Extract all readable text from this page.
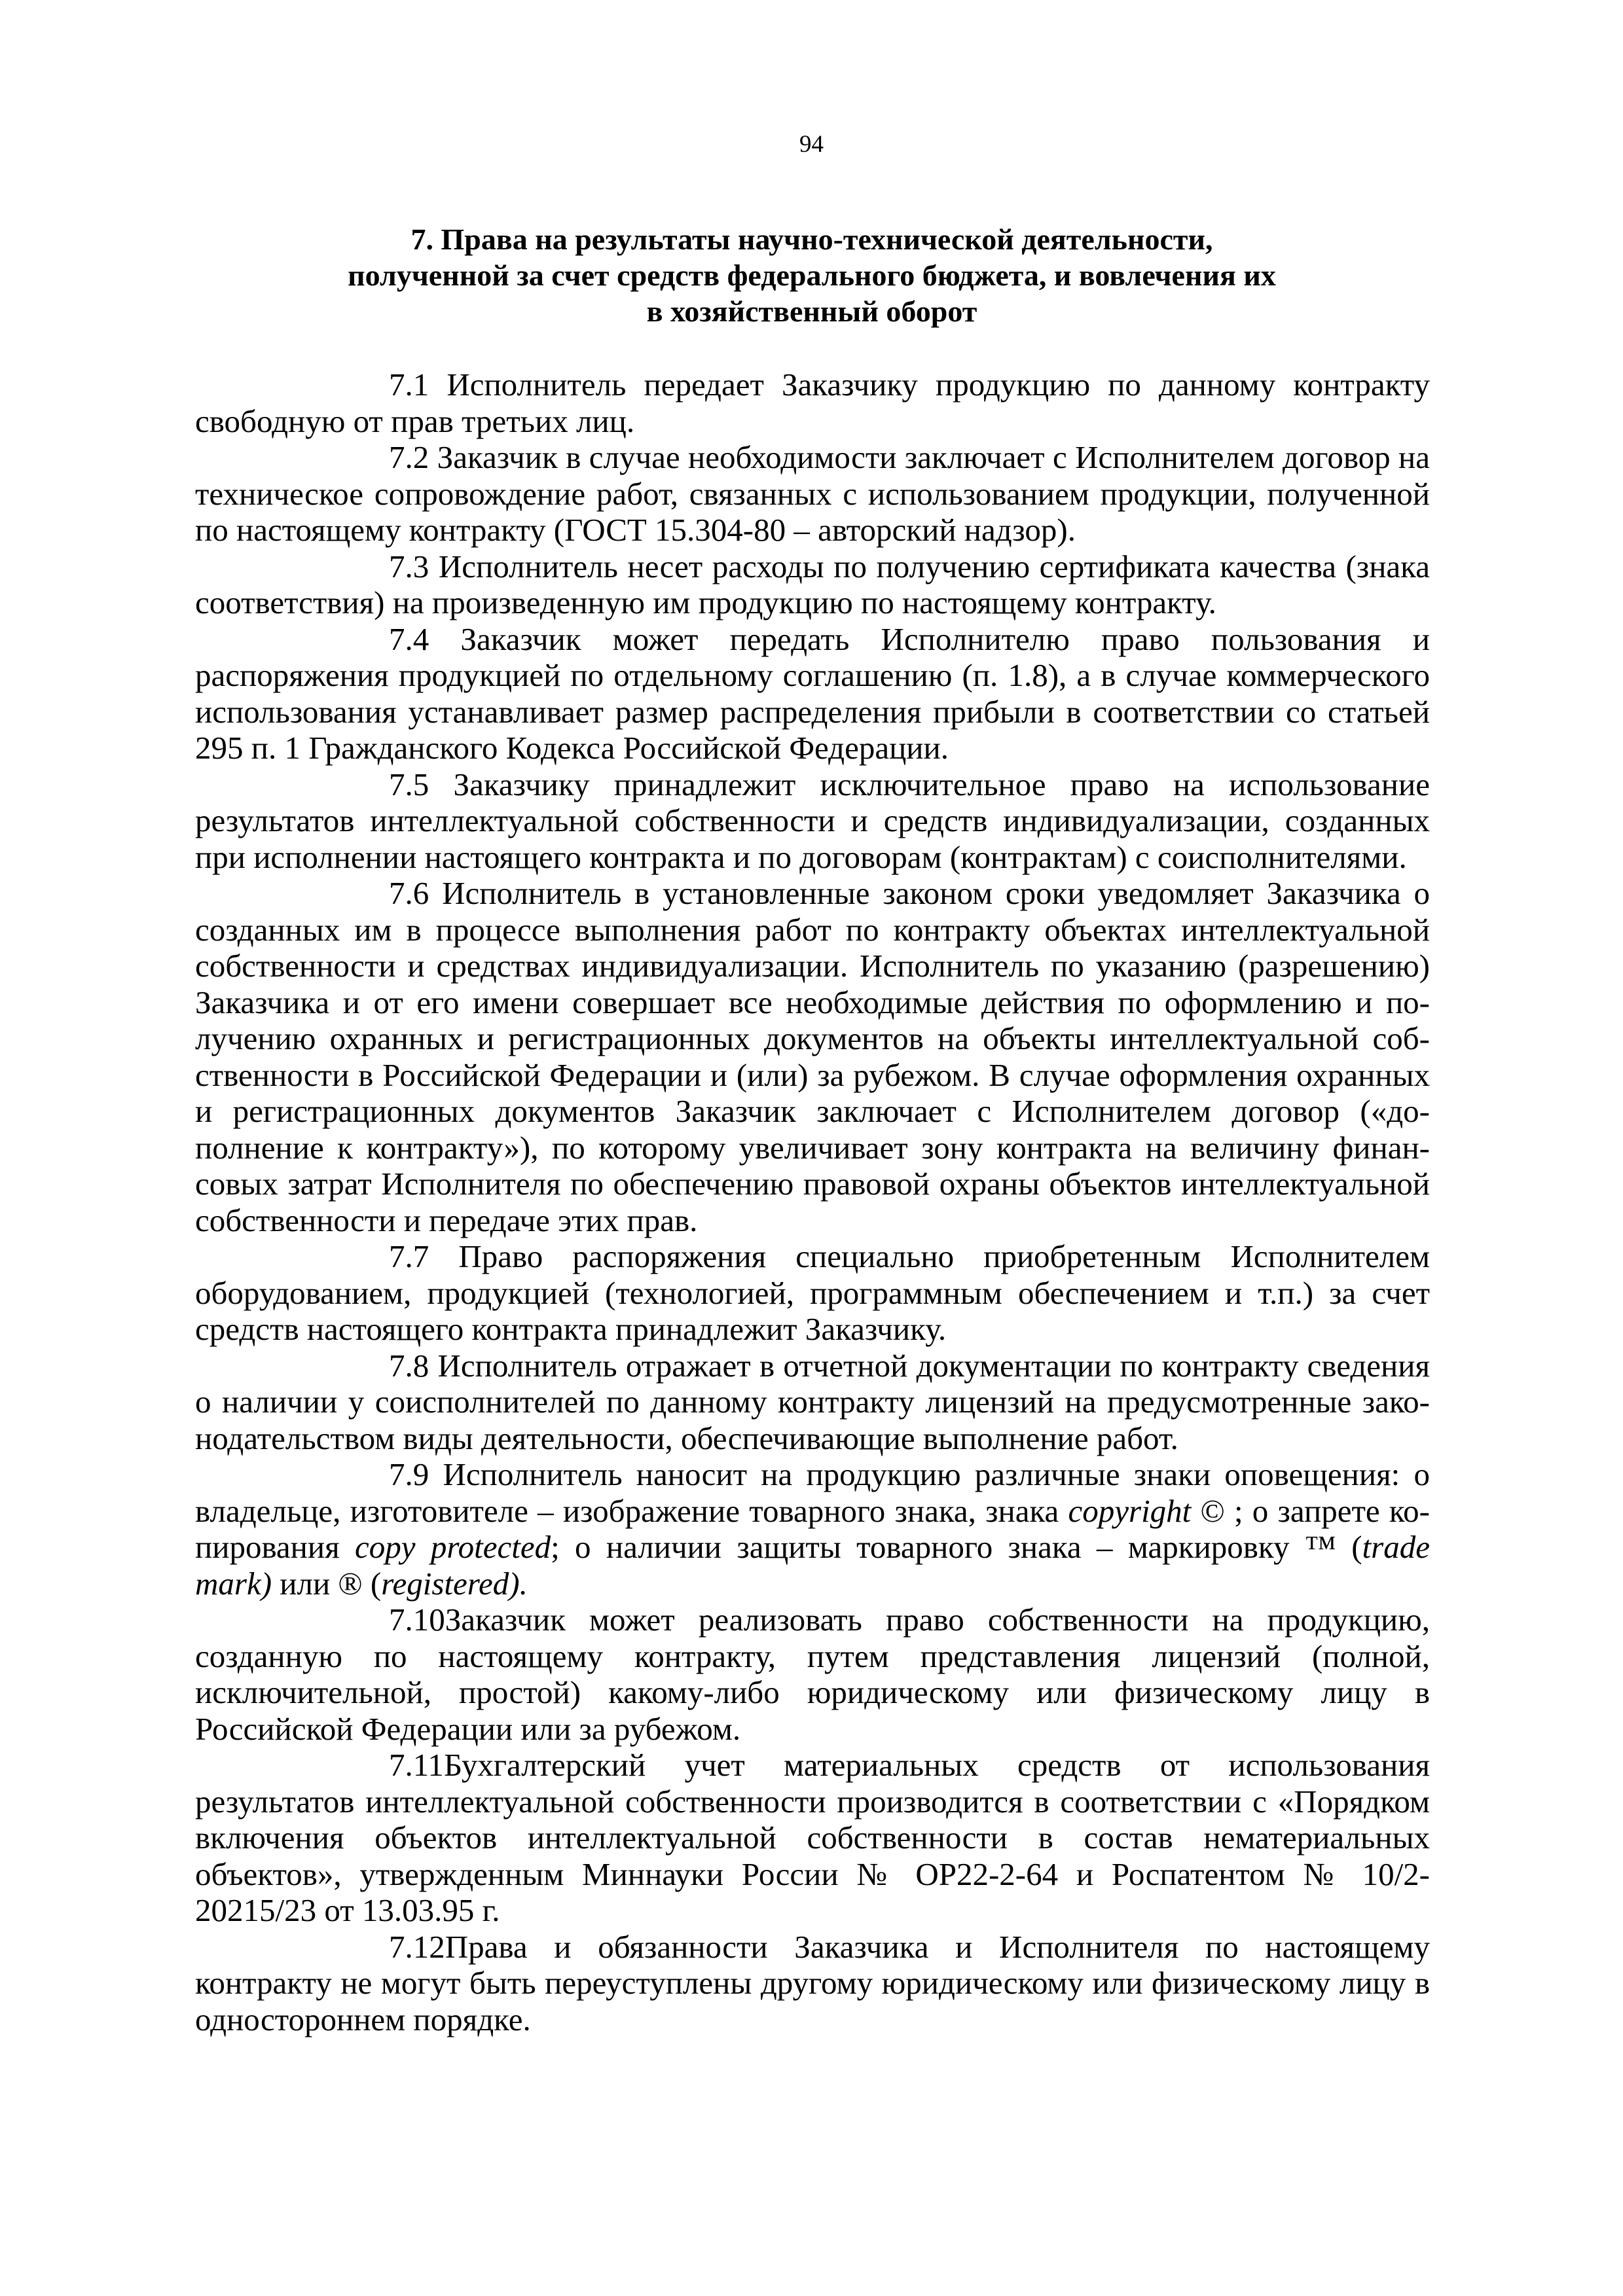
94
7. Права на результаты научно-технической деятельности,
полученной за счет средств федерального бюджета, и вовлечения их
в хозяйственный оборот

7.1 Исполнитель передает Заказчику продукцию по данному контракту свободную от прав третьих лиц.

7.2 Заказчик в случае необходимости заключает с Исполнителем договор на техническое сопровождение работ, связанных с использованием продукции, полученной по настоящему контракту (ГОСТ 15.304-80 – авторский надзор).

7.3 Исполнитель несет расходы по получению сертификата качества (знака соответствия) на произведенную им продукцию по настоящему контракту.

7.4 Заказчик может передать Исполнителю право пользования и распоряжения продукцией по отдельному соглашению (п. 1.8), а в случае коммерческого использования устанавливает размер распределения прибыли в соответствии со статьей 295 п. 1 Гражданского Кодекса Российской Федерации.

7.5 Заказчику принадлежит исключительное право на использование результатов интеллектуальной собственности и средств индивидуализации, созданных при исполнении настоящего контракта и по договорам (контрактам) с соисполнителями.

7.6 Исполнитель в установленные законом сроки уведомляет Заказчика о созданных им в процессе выполнения работ по контракту объектах интеллектуальной собственности и средствах индивидуализации. Исполнитель по указанию (разрешению) Заказчика и от его имени совершает все необходимые действия по оформлению и получению охранных и регистрационных документов на объекты интеллектуальной собственности в Российской Федерации и (или) за рубежом. В случае оформления охранных и регистрационных документов Заказчик заключает с Исполнителем договор («дополнение к контракту»), по которому увеличивает зону контракта на величину финансовых затрат Исполнителя по обеспечению правовой охраны объектов интеллектуальной собственности и передаче этих прав.

7.7 Право распоряжения специально приобретенным Исполнителем оборудованием, продукцией (технологией, программным обеспечением и т.п.) за счет средств настоящего контракта принадлежит Заказчику.

7.8 Исполнитель отражает в отчетной документации по контракту сведения о наличии у соисполнителей по данному контракту лицензий на предусмотренные законодательством виды деятельности, обеспечивающие выполнение работ.

7.9 Исполнитель наносит на продукцию различные знаки оповещения: о владельце, изготовителе – изображение товарного знака, знака copyright © ; о запрете копирования copy protected; о наличии защиты товарного знака – маркировку ™ (trade mark) или ® (registered).

7.10Заказчик может реализовать право собственности на продукцию, созданную по настоящему контракту, путем представления лицензий (полной, исключительной, простой) какому-либо юридическому или физическому лицу в Российской Федерации или за рубежом.

7.11Бухгалтерский учет материальных средств от использования результатов интеллектуальной собственности производится в соответствии с «Порядком включения объектов интеллектуальной собственности в состав нематериальных объектов», утвержденным Миннауки России № ОР22-2-64 и Роспатентом № 10/2-20215/23 от 13.03.95 г.

7.12Права и обязанности Заказчика и Исполнителя по настоящему контракту не могут быть переуступлены другому юридическому или физическому лицу в одностороннем порядке.
